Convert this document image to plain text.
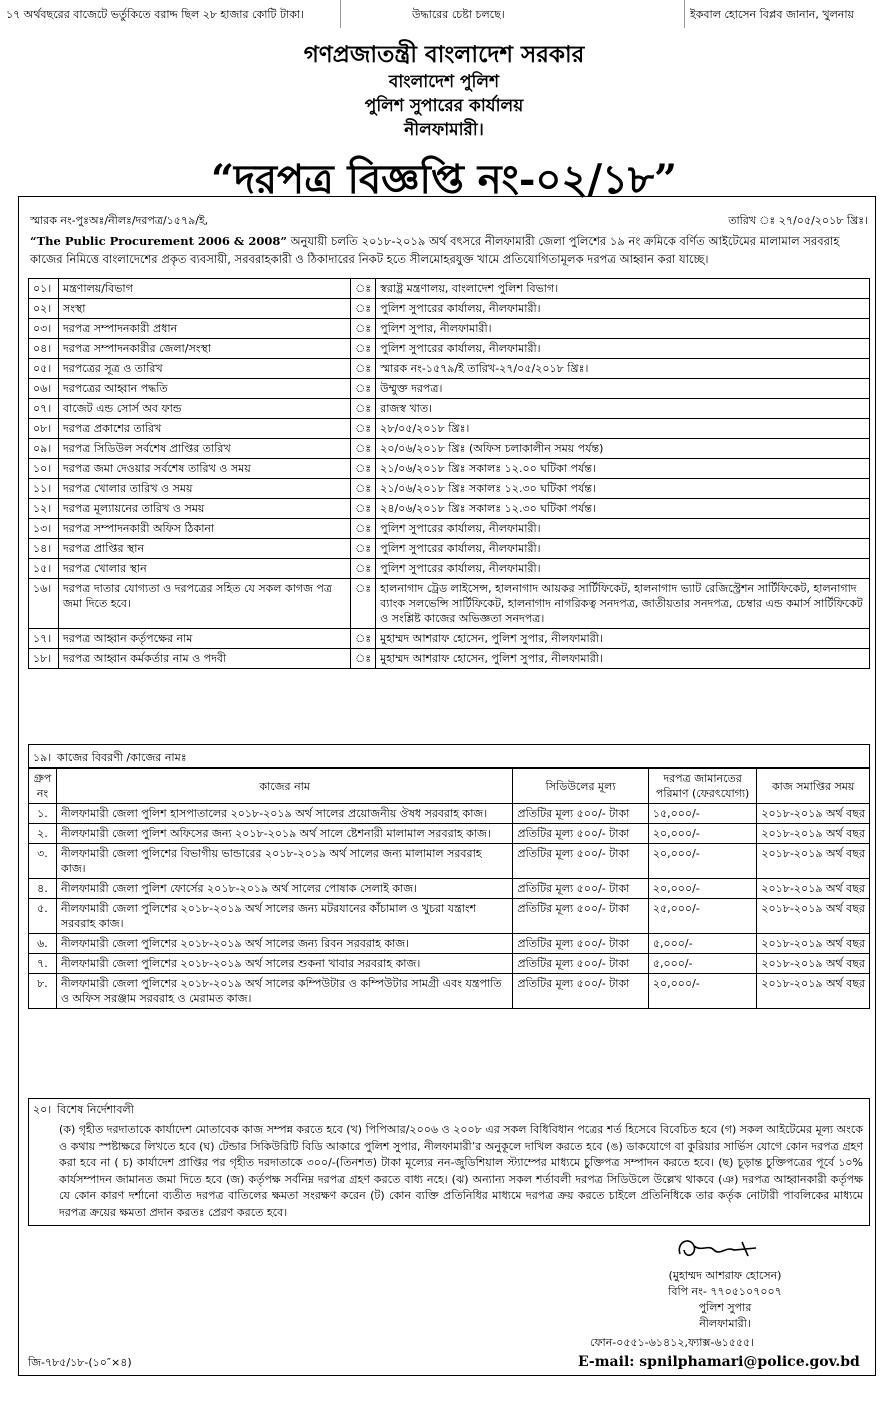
১৭ অর্থবছরের বাজেটে ভর্তুকিতে বরাদ্দ ছিল ২৮ হাজার কোটি টাকা।	উদ্ধারের চেষ্টা চলছে।	ইকবাল হোসেন বিপ্লব জানান, খুলনায়
গণপ্রজাতন্ত্রী বাংলাদেশ সরকার
বাংলাদেশ পুলিশ
পুলিশ সুপারের কার্যালয়
নীলফামারী।
“দরপত্র বিজ্ঞপ্তি নং-০২/১৮”
স্মারক নং-পুঃঅঃ/নীলঃ/দরপত্র/১৫৭৯/ই,	তারিখ ঃ ২৭/০৫/২০১৮ খ্রিঃ।
“The Public Procurement 2006 & 2008” অনুযায়ী চলতি ২০১৮-২০১৯ অর্থ বৎসরে নীলফামারী জেলা পুলিশের ১৯ নং ক্রমিকে বর্ণিত আইটেমের মালামাল সরবরাহ কাজের নিমিত্তে বাংলাদেশের প্রকৃত ব্যবসায়ী, সরবরাহকারী ও ঠিকাদারের নিকট হতে সীলমোহরযুক্ত খামে প্রতিযোগিতামূলক দরপত্র আহ্বান করা যাচ্ছে।
০১।	মন্ত্রণালয়/বিভাগ	ঃ	স্বরাষ্ট্র মন্ত্রণালয়, বাংলাদেশ পুলিশ বিভাগ।
০২।	সংস্থা	ঃ	পুলিশ সুপারের কার্যালয়, নীলফামারী।
০৩।	দরপত্র সম্পাদনকারী প্রধান	ঃ	পুলিশ সুপার, নীলফামারী।
০৪।	দরপত্র সম্পাদনকারীর জেলা/সংস্থা	ঃ	পুলিশ সুপারের কার্যালয়, নীলফামারী।
০৫।	দরপত্রের সূত্র ও তারিখ	ঃ	স্মারক নং-১৫৭৯/ই তারিখ-২৭/০৫/২০১৮ খ্রিঃ।
০৬।	দরপত্রের আহ্বান পদ্ধতি	ঃ	উম্মুক্ত দরপত্র।
০৭।	বাজেট এন্ড সোর্স অব ফান্ড	ঃ	রাজস্ব খাত।
০৮।	দরপত্র প্রকাশের তারিখ	ঃ	২৮/০৫/২০১৮ খ্রিঃ।
০৯।	দরপত্র সিডিউল সর্বশেষ প্রাপ্তির তারিখ	ঃ	২০/০৬/২০১৮ খ্রিঃ (অফিস চলাকালীন সময় পর্যন্ত)
১০।	দরপত্র জমা দেওয়ার সর্বশেষ তারিখ ও সময়	ঃ	২১/০৬/২০১৮ খ্রিঃ সকালঃ ১২.০০ ঘটিকা পর্যন্ত।
১১।	দরপত্র খোলার তারিখ ও সময়	ঃ	২১/০৬/২০১৮ খ্রিঃ সকালঃ ১২.৩০ ঘটিকা পর্যন্ত।
১২।	দরপত্র মূল্যায়নের তারিখ ও সময়	ঃ	২৪/০৬/২০১৮ খ্রিঃ সকালঃ ১২.৩০ ঘটিকা পর্যন্ত।
১৩।	দরপত্র সম্পাদনকারী অফিস ঠিকানা	ঃ	পুলিশ সুপারের কার্যালয়, নীলফামারী।
১৪।	দরপত্র প্রাপ্তির স্থান	ঃ	পুলিশ সুপারের কার্যালয়, নীলফামারী।
১৫।	দরপত্র খোলার স্থান	ঃ	পুলিশ সুপারের কার্যালয়, নীলফামারী।
১৬।	দরপত্র দাতার যোগ্যতা ও দরপত্রের সহিত যে সকল কাগজ পত্র জমা দিতে হবে।	ঃ	হালনাগাদ ট্রেড লাইসেন্স, হালনাগাদ আয়কর সার্টিফিকেট, হালনাগাদ ভ্যাট রেজিস্ট্রেশন সার্টিফিকেট, হালনাগাদ ব্যাংক সলভেন্সি সার্টিফিকেট, হালনাগাদ নাগরিকত্ব সনদপত্র, জাতীয়তার সনদপত্র, চেম্বার এন্ড কমার্স সার্টিফিকেট ও সংশ্লিষ্ট কাজের অভিজ্ঞতা সনদপত্র।
১৭।	দরপত্র আহ্বান কর্তৃপক্ষের নাম	ঃ	মুহাম্মদ আশরাফ হোসেন, পুলিশ সুপার, নীলফামারী।
১৮।	দরপত্র আহ্বান কর্মকর্তার নাম ও পদবী	ঃ	মুহাম্মদ আশরাফ হোসেন, পুলিশ সুপার, নীলফামারী।
১৯। কাজের বিবরণী /কাজের নামঃ
গ্রুপ নং	কাজের নাম	সিডিউলের মূল্য	দরপত্র জামানতের পরিমাণ (ফেরৎযোগ্য)	কাজ সমাপ্তির সময়
১.	নীলফামারী জেলা পুলিশ হাসপাতালের ২০১৮-২০১৯ অর্থ সালের প্রয়োজনীয় ঔষধ সরবরাহ কাজ।	প্রতিটির মূল্য ৫০০/- টাকা	১৫,০০০/-	২০১৮-২০১৯ অর্থ বছর
২.	নীলফামারী জেলা পুলিশ অফিসের জন্য ২০১৮-২০১৯ অর্থ সালে ষ্টেশনারী মালামাল সরবরাহ কাজ।	প্রতিটির মূল্য ৫০০/- টাকা	২০,০০০/-	২০১৮-২০১৯ অর্থ বছর
৩.	নীলফামারী জেলা পুলিশের বিভাগীয় ভান্ডারের ২০১৮-২০১৯ অর্থ সালের জন্য মালামাল সরবরাহ কাজ।	প্রতিটির মূল্য ৫০০/- টাকা	২০,০০০/-	২০১৮-২০১৯ অর্থ বছর
৪.	নীলফামারী জেলা পুলিশ ফোর্সের ২০১৮-২০১৯ অর্থ সালের পোষাক সেলাই কাজ।	প্রতিটির মূল্য ৫০০/- টাকা	২০,০০০/-	২০১৮-২০১৯ অর্থ বছর
৫.	নীলফামারী জেলা পুলিশের ২০১৮-২০১৯ অর্থ সালের জন্য মটরযানের কাঁচামাল ও খুচরা যন্ত্রাংশ সরবরাহ কাজ।	প্রতিটির মূল্য ৫০০/- টাকা	২৫,০০০/-	২০১৮-২০১৯ অর্থ বছর
৬.	নীলফামারী জেলা পুলিশের ২০১৮-২০১৯ অর্থ সালের জন্য রিবন সরবরাহ কাজ।	প্রতিটির মূল্য ৫০০/- টাকা	৫,০০০/-	২০১৮-২০১৯ অর্থ বছর
৭.	নীলফামারী জেলা পুলিশের ২০১৮-২০১৯ অর্থ সালের শুকনা খাবার সরবরাহ কাজ।	প্রতিটির মূল্য ৫০০/- টাকা	৫,০০০/-	২০১৮-২০১৯ অর্থ বছর
৮.	নীলফামারী জেলা পুলিশের ২০১৮-২০১৯ অর্থ সালের কম্পিউটার ও কম্পিউটার সামগ্রী এবং যন্ত্রপাতি ও অফিস সরঞ্জাম সরবরাহ ও মেরামত কাজ।	প্রতিটির মূল্য ৫০০/- টাকা	২০,০০০/-	২০১৮-২০১৯ অর্থ বছর
২০। বিশেষ নির্দেশাবলী
(ক) গৃহীত দরদাতাকে কার্যাদেশ মোতাবেক কাজ সম্পন্ন করতে হবে (খ) পিপিআর/২০০৬ ও ২০০৮ এর সকল বিধিবিধান পত্রের শর্ত হিসেবে বিবেচিত হবে (গ) সকল আইটেমের মূল্য অংকে ও কথায় স্পষ্টাক্ষরে লিখতে হবে (ঘ) টেন্ডার সিকিউরিটি বিডি আকারে পুলিশ সুপার, নীলফামারী’র অনুকূলে দাখিল করতে হবে (ঙ) ডাকযোগে বা কুরিয়ার সার্ভিস যোগে কোন দরপত্র গ্রহণ করা হবে না ( চ) কার্যাদেশ প্রাপ্তির পর গৃহীত দরদাতাকে ৩০০/-(তিনশত) টাকা মূল্যের নন-জুডিশিয়াল স্ট্যাম্পের মাধ্যমে চুক্তিপত্র সম্পাদন করতে হবে। (ছ) চূড়ান্ত চুক্তিপত্রের পূর্বে ১০% কার্যসম্পাদন জামানত জমা দিতে হবে (জ) কর্তৃপক্ষ সর্বনিম্ন দরপত্র গ্রহণ করতে বাধ্য নহে। (ঝ) অন্যান্য সকল শর্তাবলী দরপত্র সিডিউলে উল্লেখ থাকবে (ঞ) দরপত্র আহ্বানকারী কর্তৃপক্ষ যে কোন কারণ দর্শানো ব্যতীত দরপত্র বাতিলের ক্ষমতা সংরক্ষণ করেন (ট) কোন ব্যক্তি প্রতিনিধির মাধ্যমে দরপত্র ক্রয় করতে চাইলে প্রতিনিধিকে তার কর্তৃক নোটারী পাবলিকের মাধ্যমে দরপত্র ক্রয়ের ক্ষমতা প্রদান করতঃ প্রেরণ করতে হবে।
(মুহাম্মদ আশরাফ হোসেন)
বিপি নং- ৭৭০৫১০৭০০৭
পুলিশ সুপার
নীলফামারী।
ফোন-০৫৫১-৬১৪১২,ফ্যাক্স-৬১৫৫৫।
জি-৭৮৫/১৮-(১০″×৪)	E-mail: spnilphamari@police.gov.bd
